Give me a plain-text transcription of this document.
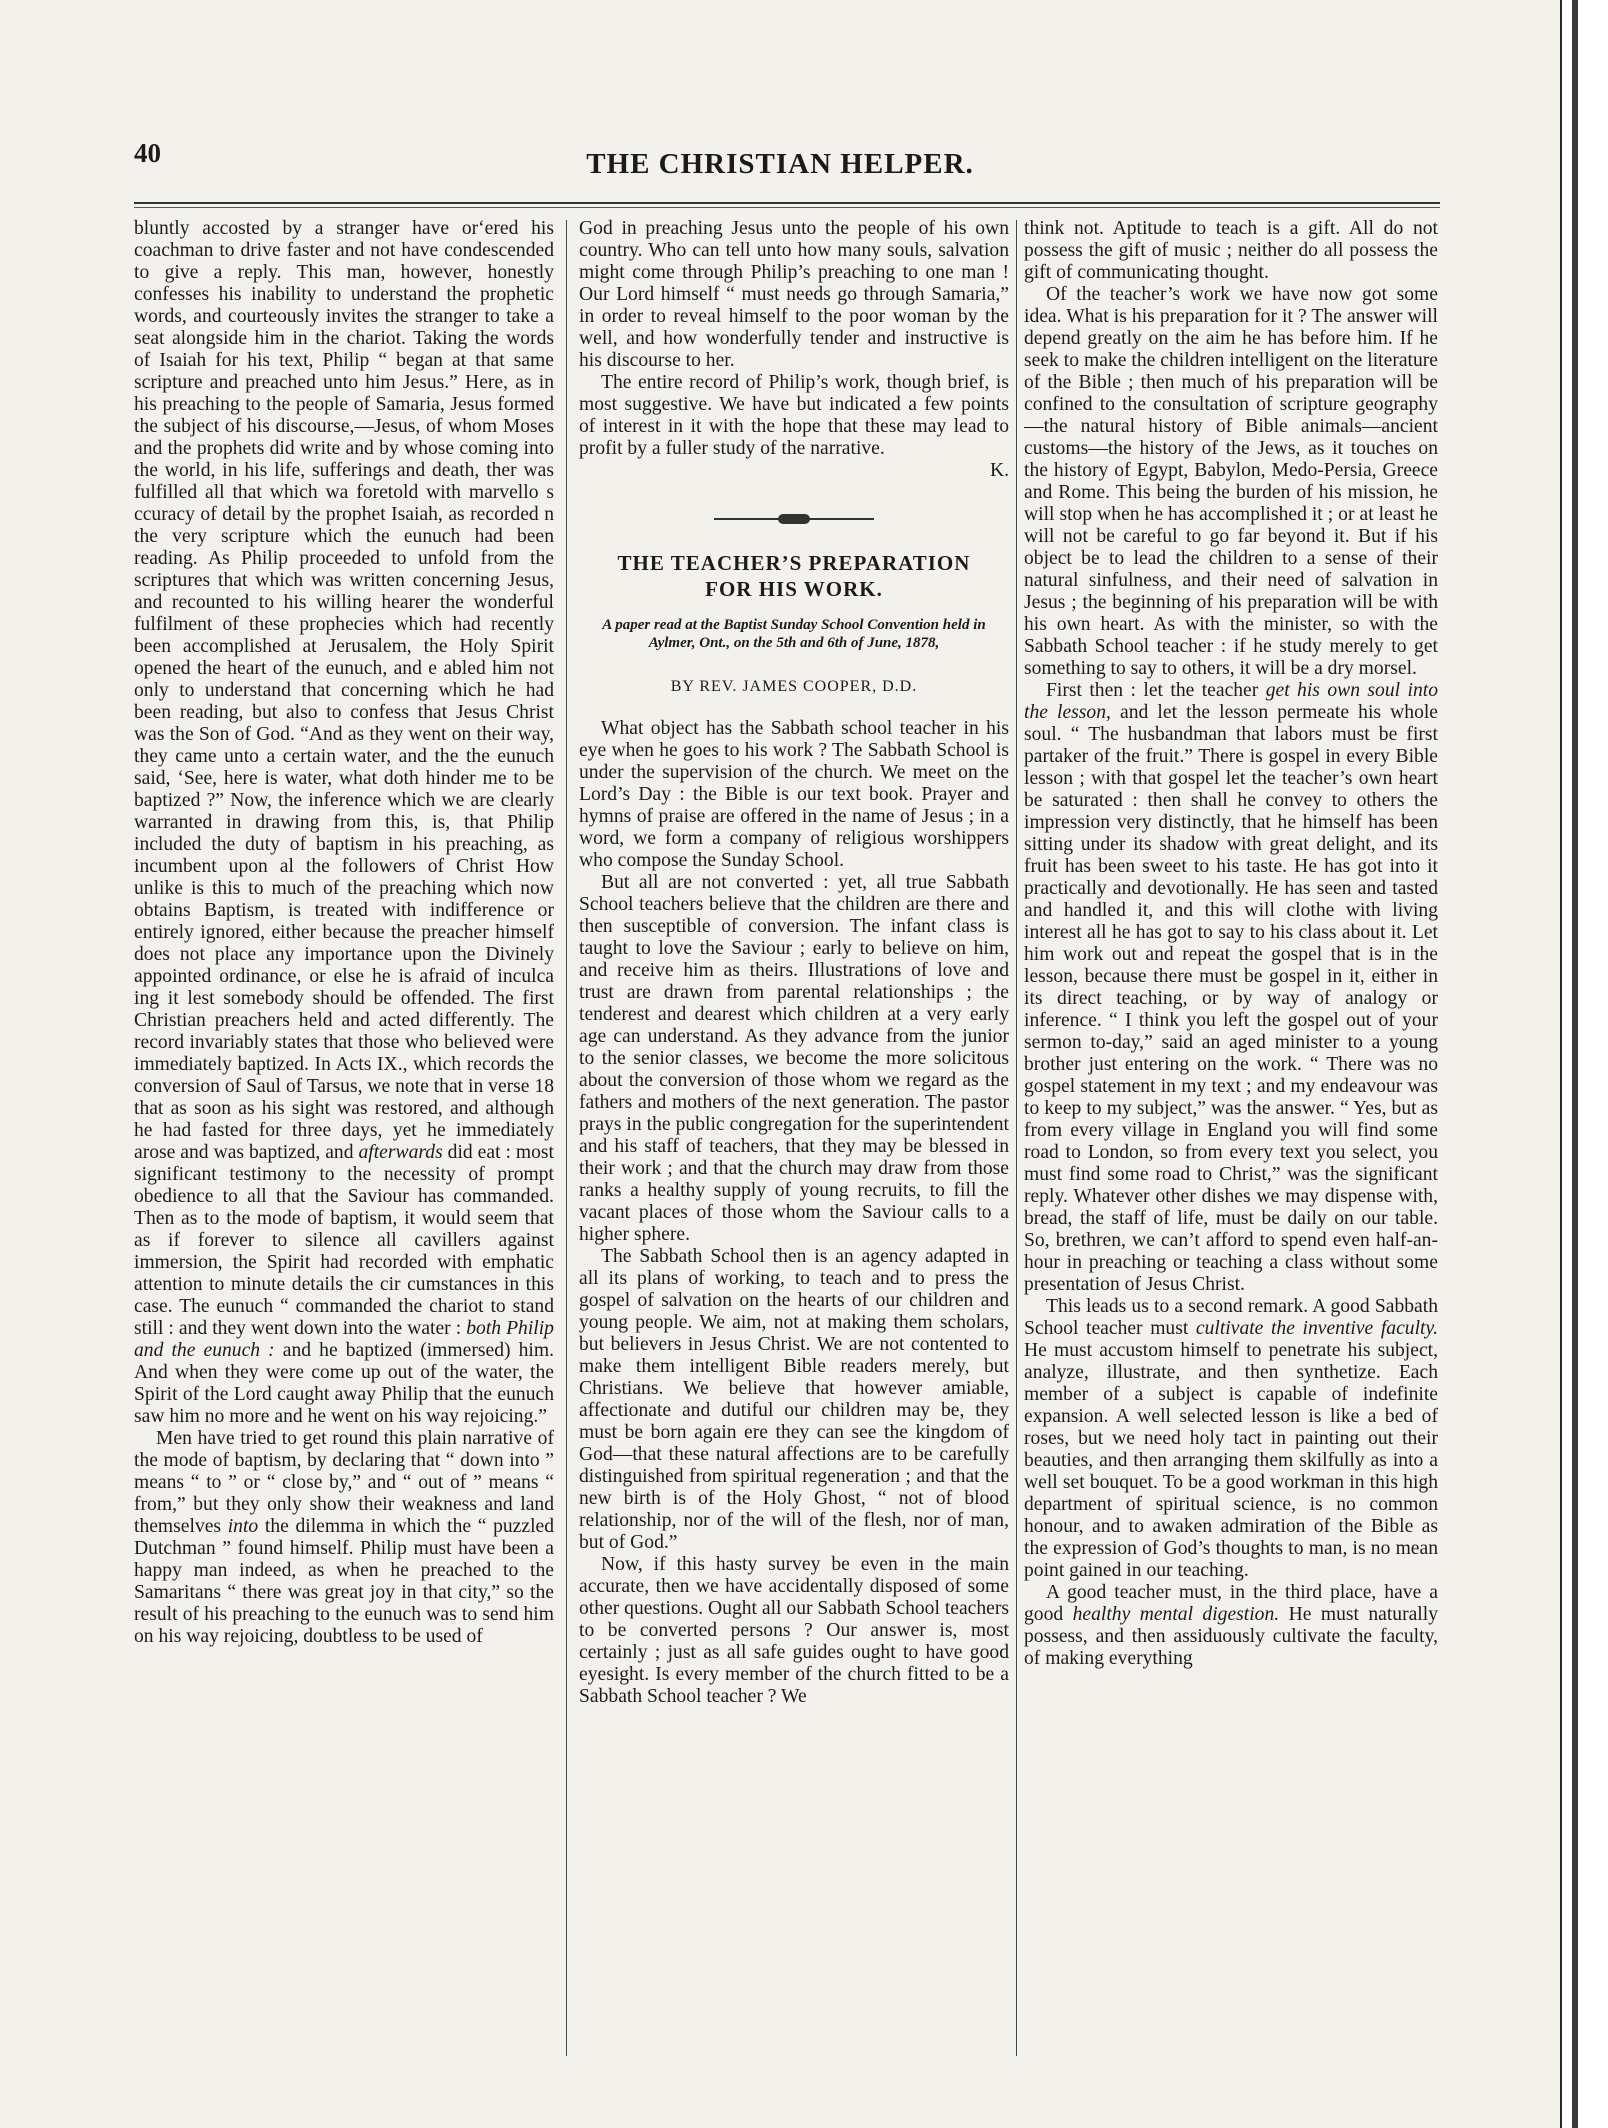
40	THE CHRISTIAN HELPER.

bluntly accosted by a stranger have or‘ered his coachman to drive faster and not have condescended to give a reply. This man, however, honestly confesses his inability to understand the prophetic words, and courteously invites the stranger to take a seat alongside him in the chariot. Taking the words of Isaiah for his text, Philip “ began at that same scripture and preached unto him Jesus.” Here, as in his preaching to the people of Samaria, Jesus formed the subject of his discourse,—Jesus, of whom Moses and the prophets did write and by whose coming into the world, in his life, sufferings and death, ther was fulfilled all that which wa foretold with marvello s ccuracy of detail by the prophet Isaiah, as recorded n the very scripture which the eunuch had been reading. As Philip proceeded to unfold from the scriptures that which was written concerning Jesus, and recounted to his willing hearer the wonderful fulfilment of these prophecies which had recently been accomplished at Jerusalem, the Holy Spirit opened the heart of the eunuch, and e abled him not only to understand that concerning which he had been reading, but also to confess that Jesus Christ was the Son of God. “And as they went on their way, they came unto a certain water, and the the eunuch said, ‘See, here is water, what doth hinder me to be baptized ?” Now, the inference which we are clearly warranted in drawing from this, is, that Philip included the duty of baptism in his preaching, as incumbent upon al the followers of Christ How unlike is this to much of the preaching which now obtains Baptism, is treated with indifference or entirely ignored, either because the preacher himself does not place any importance upon the Divinely appointed ordinance, or else he is afraid of inculca ing it lest somebody should be offended. The first Christian preachers held and acted differently. The record invariably states that those who believed were immediately baptized. In Acts IX., which records the conversion of Saul of Tarsus, we note that in verse 18 that as soon as his sight was restored, and although he had fasted for three days, yet he immediately arose and was baptized, and afterwards did eat : most significant testimony to the necessity of prompt obedience to all that the Saviour has commanded. Then as to the mode of baptism, it would seem that as if forever to silence all cavillers against immersion, the Spirit had recorded with emphatic attention to minute details the cir cumstances in this case. The eunuch “ commanded the chariot to stand still : and they went down into the water : both Philip and the eunuch : and he baptized (immersed) him. And when they were come up out of the water, the Spirit of the Lord caught away Philip that the eunuch saw him no more and he went on his way rejoicing.”

Men have tried to get round this plain narrative of the mode of baptism, by declaring that “ down into ” means “ to ” or “ close by,” and “ out of ” means “ from,” but they only show their weakness and land themselves into the dilemma in which the “ puzzled Dutchman ” found himself. Philip must have been a happy man indeed, as when he preached to the Samaritans “ there was great joy in that city,” so the result of his preaching to the eunuch was to send him on his way rejoicing, doubtless to be used of

God in preaching Jesus unto the people of his own country. Who can tell unto how many souls, salvation might come through Philip’s preaching to one man ! Our Lord himself “ must needs go through Samaria,” in order to reveal himself to the poor woman by the well, and how wonderfully tender and instructive is his discourse to her.

The entire record of Philip’s work, though brief, is most suggestive. We have but indicated a few points of interest in it with the hope that these may lead to profit by a fuller study of the narrative.

K.
THE TEACHER’S PREPARATION
FOR HIS WORK.
A paper read at the Baptist Sunday School Convention held in Aylmer, Ont., on the 5th and 6th of June, 1878,
BY REV. JAMES COOPER, D.D.

What object has the Sabbath school teacher in his eye when he goes to his work ? The Sabbath School is under the supervision of the church. We meet on the Lord’s Day : the Bible is our text book. Prayer and hymns of praise are offered in the name of Jesus ; in a word, we form a company of religious worshippers who compose the Sunday School.

But all are not converted : yet, all true Sabbath School teachers believe that the children are there and then susceptible of conversion. The infant class is taught to love the Saviour ; early to believe on him, and receive him as theirs. Illustrations of love and trust are drawn from parental relationships ; the tenderest and dearest which children at a very early age can understand. As they advance from the junior to the senior classes, we become the more solicitous about the conversion of those whom we regard as the fathers and mothers of the next generation. The pastor prays in the public congregation for the superintendent and his staff of teachers, that they may be blessed in their work ; and that the church may draw from those ranks a healthy supply of young recruits, to fill the vacant places of those whom the Saviour calls to a higher sphere.

The Sabbath School then is an agency adapted in all its plans of working, to teach and to press the gospel of salvation on the hearts of our children and young people. We aim, not at making them scholars, but believers in Jesus Christ. We are not contented to make them intelligent Bible readers merely, but Christians. We believe that however amiable, affectionate and dutiful our children may be, they must be born again ere they can see the kingdom of God—that these natural affections are to be carefully distinguished from spiritual regeneration ; and that the new birth is of the Holy Ghost, “ not of blood relationship, nor of the will of the flesh, nor of man, but of God.”

Now, if this hasty survey be even in the main accurate, then we have accidentally disposed of some other questions. Ought all our Sabbath School teachers to be converted persons ? Our answer is, most certainly ; just as all safe guides ought to have good eyesight. Is every member of the church fitted to be a Sabbath School teacher ? We

think not. Aptitude to teach is a gift. All do not possess the gift of music ; neither do all possess the gift of communicating thought.

Of the teacher’s work we have now got some idea. What is his preparation for it ? The answer will depend greatly on the aim he has before him. If he seek to make the children intelligent on the literature of the Bible ; then much of his preparation will be confined to the consultation of scripture geography—the natural history of Bible animals—ancient customs—the history of the Jews, as it touches on the history of Egypt, Babylon, Medo-Persia, Greece and Rome. This being the burden of his mission, he will stop when he has accomplished it ; or at least he will not be careful to go far beyond it. But if his object be to lead the children to a sense of their natural sinfulness, and their need of salvation in Jesus ; the beginning of his preparation will be with his own heart. As with the minister, so with the Sabbath School teacher : if he study merely to get something to say to others, it will be a dry morsel.

First then : let the teacher get his own soul into the lesson, and let the lesson permeate his whole soul. “ The husbandman that labors must be first partaker of the fruit.” There is gospel in every Bible lesson ; with that gospel let the teacher’s own heart be saturated : then shall he convey to others the impression very distinctly, that he himself has been sitting under its shadow with great delight, and its fruit has been sweet to his taste. He has got into it practically and devotionally. He has seen and tasted and handled it, and this will clothe with living interest all he has got to say to his class about it. Let him work out and repeat the gospel that is in the lesson, because there must be gospel in it, either in its direct teaching, or by way of analogy or inference. “ I think you left the gospel out of your sermon to-day,” said an aged minister to a young brother just entering on the work. “ There was no gospel statement in my text ; and my endeavour was to keep to my subject,” was the answer. “ Yes, but as from every village in England you will find some road to London, so from every text you select, you must find some road to Christ,” was the significant reply. Whatever other dishes we may dispense with, bread, the staff of life, must be daily on our table. So, brethren, we can’t afford to spend even half-an-hour in preaching or teaching a class without some presentation of Jesus Christ.

This leads us to a second remark. A good Sabbath School teacher must cultivate the inventive faculty. He must accustom himself to penetrate his subject, analyze, illustrate, and then synthetize. Each member of a subject is capable of indefinite expansion. A well selected lesson is like a bed of roses, but we need holy tact in painting out their beauties, and then arranging them skilfully as into a well set bouquet. To be a good workman in this high department of spiritual science, is no common honour, and to awaken admiration of the Bible as the expression of God’s thoughts to man, is no mean point gained in our teaching.

A good teacher must, in the third place, have a good healthy mental digestion. He must naturally possess, and then assiduously cultivate the faculty, of making everything
